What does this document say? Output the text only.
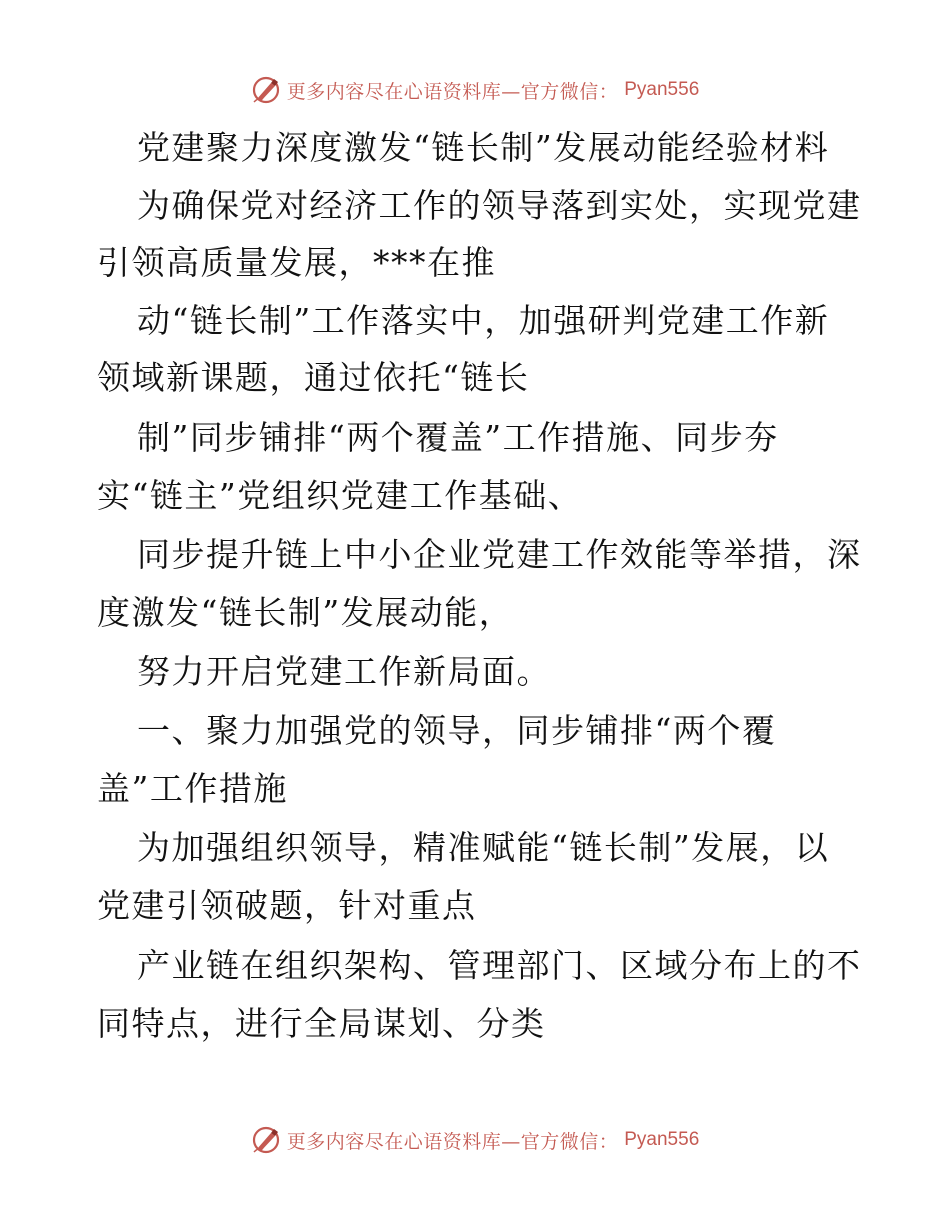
更多内容尽在心语资料库—官方微信： Pyan556
党建聚力深度激发“链长制”发展动能经验材料
为确保党对经济工作的领导落到实处，实现党建
引领高质量发展，***在推
动“链长制”工作落实中，加强研判党建工作新
领域新课题，通过依托“链长
制”同步铺排“两个覆盖”工作措施、同步夯
实“链主”党组织党建工作基础、
同步提升链上中小企业党建工作效能等举措，深
度激发“链长制”发展动能，
努力开启党建工作新局面。
一、聚力加强党的领导，同步铺排“两个覆
盖”工作措施
为加强组织领导，精准赋能“链长制”发展，以
党建引领破题，针对重点
产业链在组织架构、管理部门、区域分布上的不
同特点，进行全局谋划、分类
更多内容尽在心语资料库—官方微信： Pyan556
